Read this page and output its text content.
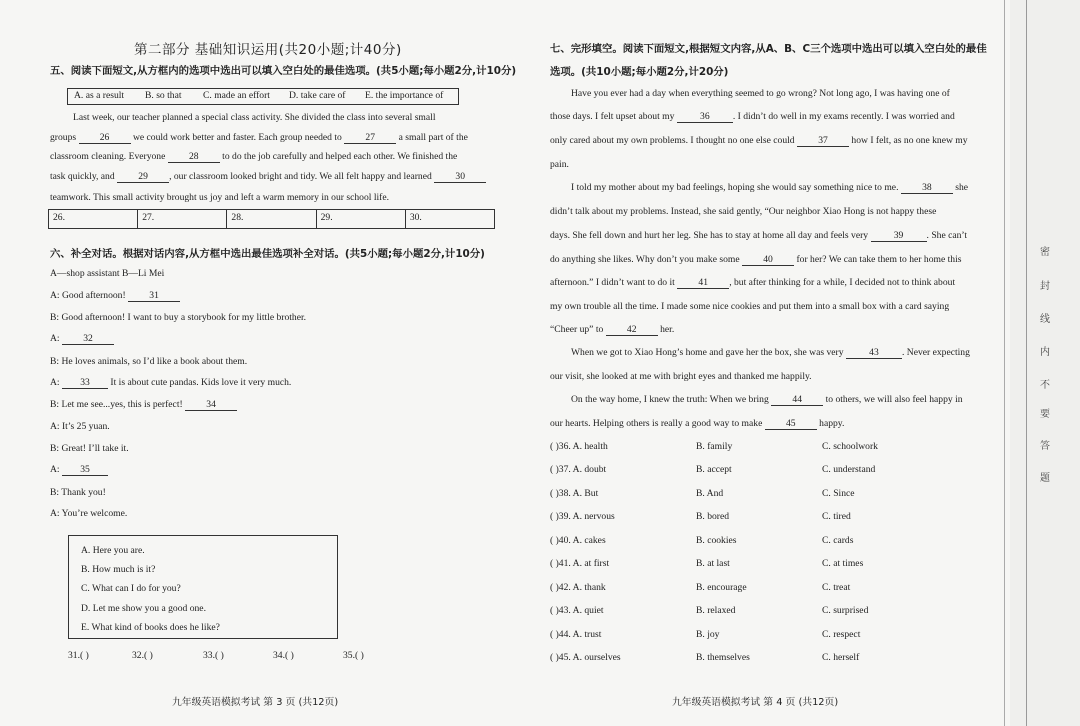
第二部分 基础知识运用(共20小题;计40分)
五、阅读下面短文,从方框内的选项中选出可以填入空白处的最佳选项。(共5小题;每小题2分,计10分)
A. as a result B. so that C. made an effort D. take care of E. the importance of
Last week, our teacher planned a special class activity. She divided the class into several small
groups 26 we could work better and faster. Each group needed to 27 a small part of the
classroom cleaning. Everyone 28 to do the job carefully and helped each other. We finished the
task quickly, and 29 , our classroom looked bright and tidy. We all felt happy and learned 30
teamwork. This small activity brought us joy and left a warm memory in our school life.
26.	27.	28.	29.	30.
六、补全对话。根据对话内容,从方框中选出最佳选项补全对话。(共5小题;每小题2分,计10分)
A—shop assistant B—Li Mei
A: Good afternoon! 31
B: Good afternoon! I want to buy a storybook for my little brother.
A: 32
B: He loves animals, so I’d like a book about them.
A: 33 It is about cute pandas. Kids love it very much.
B: Let me see...yes, this is perfect! 34
A: It’s 25 yuan.
B: Great! I’ll take it.
A: 35
B: Thank you!
A: You’re welcome.
A. Here you are.
B. How much is it?
C. What can I do for you?
D. Let me show you a good one.
E. What kind of books does he like?
31.( )	32.( )	33.( )	34.( )	35.( )
九年级英语模拟考试 第 3 页 (共12页)
七、完形填空。阅读下面短文,根据短文内容,从A、B、C三个选项中选出可以填入空白处的最佳
选项。(共10小题;每小题2分,计20分)
Have you ever had a day when everything seemed to go wrong? Not long ago, I was having one of
those days. I felt upset about my	36 . I didn’t do well in my exams recently. I was worried and
only cared about my own problems. I thought no one else could 37 how I felt, as no one knew my
pain.
I told my mother about my bad feelings, hoping she would say something nice to me. 38 she
didn’t talk about my problems. Instead, she said gently, “Our neighbor Xiao Hong is not happy these
days. She fell down and hurt her leg. She has to stay at home all day and feels very	39 . She can’t
do anything she likes. Why don’t you make some 40 for her? We can take them to her home this
afternoon.” I didn’t want to do it 41 , but after thinking for a while, I decided not to think about
my own trouble all the time. I made some nice cookies and put them into a small box with a card saying
“Cheer up” to 42 her.
When we got to Xiao Hong’s home and gave her the box, she was very	43 . Never expecting
our visit, she looked at me with bright eyes and thanked me happily.
On the way home, I knew the truth: When we bring 44 to others, we will also feel happy in
our hearts. Helping others is really a good way to make 45 happy.
( )36. A. health	B. family	C. schoolwork
( )37. A. doubt	B. accept	C. understand
( )38. A. But	B. And	C. Since
( )39. A. nervous	B. bored	C. tired
( )40. A. cakes	B. cookies	C. cards
( )41. A. at first	B. at last	C. at times
( )42. A. thank	B. encourage	C. treat
( )43. A. quiet	B. relaxed	C. surprised
( )44. A. trust	B. joy	C. respect
( )45. A. ourselves	B. themselves	C. herself
九年级英语模拟考试 第 4 页 (共12页)
密
封
线
内
不
要
答
题
